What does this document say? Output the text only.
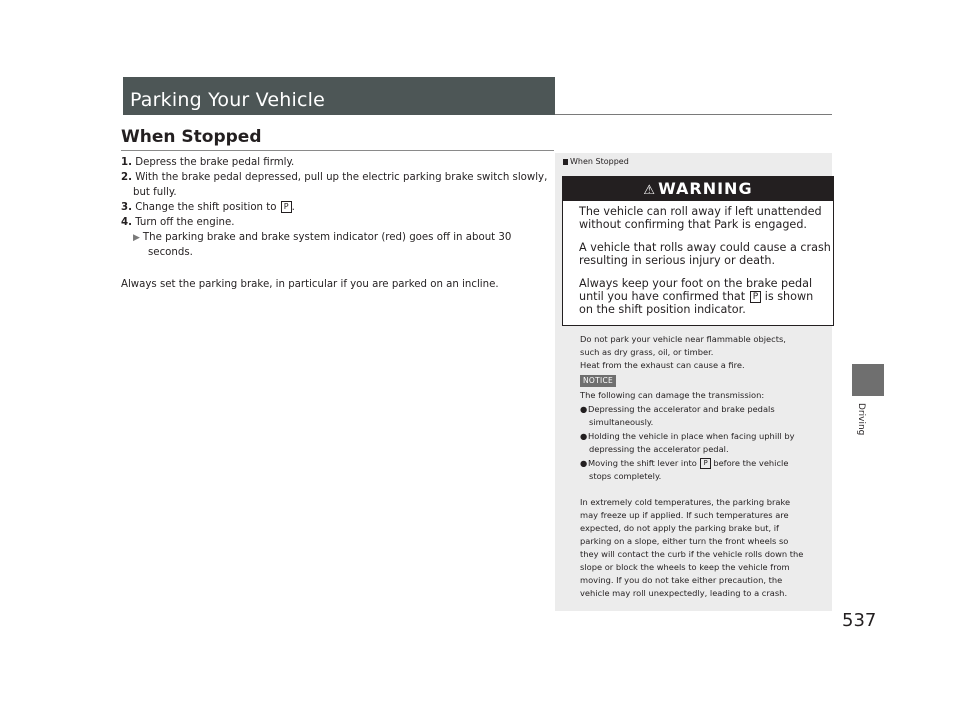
Parking Your Vehicle
When Stopped
1. Depress the brake pedal firmly.
2. With the brake pedal depressed, pull up the electric parking brake switch slowly,
but fully.
3. Change the shift position to P .
4. Turn off the engine.
▶ The parking brake and brake system indicator (red) goes off in about 30
seconds.
Always set the parking brake, in particular if you are parked on an incline.
When Stopped
⚠ WARNING
The vehicle can roll away if left unattended
without confirming that Park is engaged.
A vehicle that rolls away could cause a crash
resulting in serious injury or death.
Always keep your foot on the brake pedal
until you have confirmed that P is shown
on the shift position indicator.
Do not park your vehicle near flammable objects,
such as dry grass, oil, or timber.
Heat from the exhaust can cause a fire.
NOTICE
The following can damage the transmission:
●Depressing the accelerator and brake pedals
simultaneously.
●Holding the vehicle in place when facing uphill by
depressing the accelerator pedal.
●Moving the shift lever into P before the vehicle
stops completely.
In extremely cold temperatures, the parking brake
may freeze up if applied. If such temperatures are
expected, do not apply the parking brake but, if
parking on a slope, either turn the front wheels so
they will contact the curb if the vehicle rolls down the
slope or block the wheels to keep the vehicle from
moving. If you do not take either precaution, the
vehicle may roll unexpectedly, leading to a crash.
Driving
537
